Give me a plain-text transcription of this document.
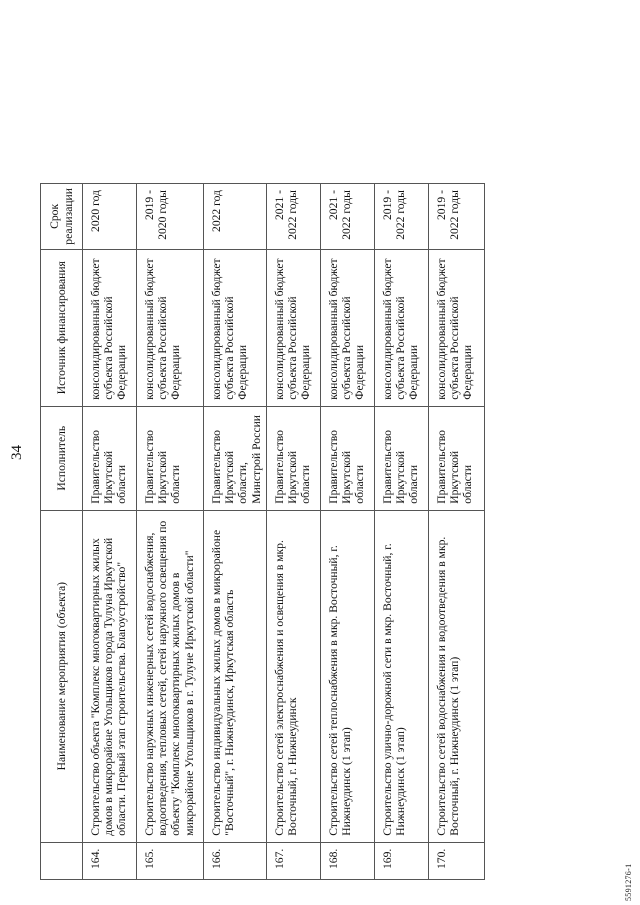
34
	Наименование мероприятия (объекта)	Исполнитель	Источник финансирования	Срок реализации
164.	Строительство объекта "Комплекс многоквартирных жилых домов в микрорайоне Угольщиков города Тулуна Иркутской области. Первый этап строительства. Благоустройство"	Правительство Иркутской области	консолидированный бюджет субъекта Российской Федерации	2020 год
165.	Строительство наружных инженерных сетей водоснабжения, водоотведения, тепловых сетей, сетей наружного освещения по объекту "Комплекс многоквартирных жилых домов в микрорайоне Угольщиков в г. Тулуне Иркутской области"	Правительство Иркутской области	консолидированный бюджет субъекта Российской Федерации	2019 - 2020 годы
166.	Строительство индивидуальных жилых домов в микрорайоне "Восточный", г. Нижнеудинск, Иркутская область	Правительство Иркутской области, Минстрой России	консолидированный бюджет субъекта Российской Федерации	2022 год
167.	Строительство сетей электроснабжения и освещения в мкр. Восточный, г. Нижнеудинск	Правительство Иркутской области	консолидированный бюджет субъекта Российской Федерации	2021 - 2022 годы
168.	Строительство сетей теплоснабжения в мкр. Восточный, г. Нижнеудинск (1 этап)	Правительство Иркутской области	консолидированный бюджет субъекта Российской Федерации	2021 - 2022 годы
169.	Строительство улично-дорожной сети в мкр. Восточный, г. Нижнеудинск (1 этап)	Правительство Иркутской области	консолидированный бюджет субъекта Российской Федерации	2019 - 2022 годы
170.	Строительство сетей водоснабжения и водоотведения в мкр. Восточный, г. Нижнеудинск (1 этап)	Правительство Иркутской области	консолидированный бюджет субъекта Российской Федерации	2019 - 2022 годы
5591276-1
